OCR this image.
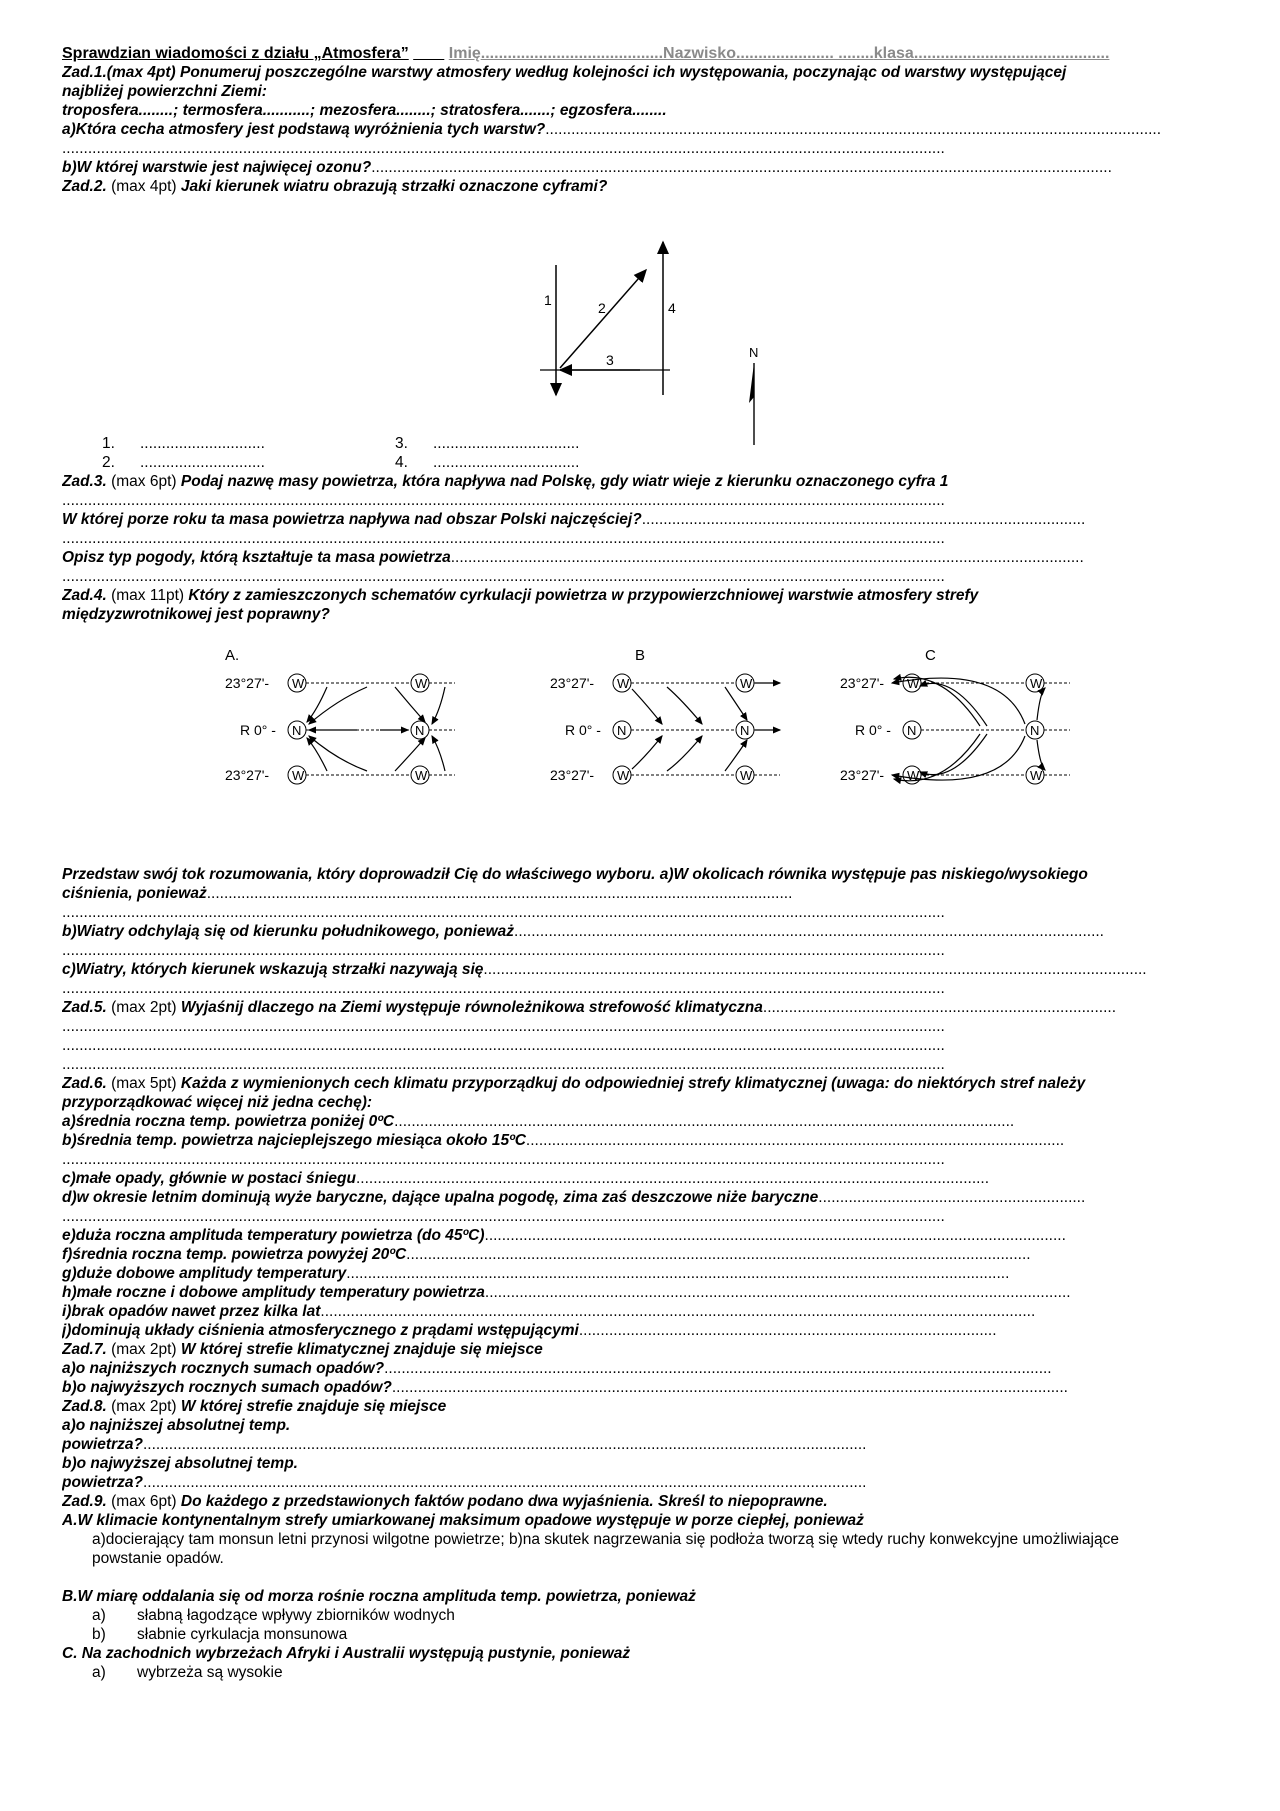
Sprawdzian wiadomości z działu „Atmosfera”	Imię.........................................Nazwisko...................... ........klasa............................................
Zad.1.(max 4pt) Ponumeruj poszczególne warstwy atmosfery według kolejności ich występowania, poczynając od warstwy występującej
najbliżej powierzchni Ziemi:
troposfera........; termosfera...........; mezosfera........; stratosfera.......; egzosfera........
a)Która cecha atmosfery jest podstawą wyróżnienia tych warstw?...............................................................................................................................................
.............................................................................................................................................................................................................
b)W której warstwie jest najwięcej ozonu?............................................................................................................................................................................
Zad.2. (max 4pt) Jaki kierunek wiatru obrazują strzałki oznaczone cyframi?
1. .............................	3. ..................................
2. .............................	4. ..................................
Zad.3. (max 6pt) Podaj nazwę masy powietrza, która napływa nad Polskę, gdy wiatr wieje z kierunku oznaczonego cyfra 1
.............................................................................................................................................................................................................
W której porze roku ta masa powietrza napływa nad obszar Polski najczęściej?.......................................................................................................
.............................................................................................................................................................................................................
Opisz typ pogody, którą kształtuje ta masa powietrza...................................................................................................................................................
.............................................................................................................................................................................................................
Zad.4. (max 11pt) Który z zamieszczonych schematów cyrkulacji powietrza w przypowierzchniowej warstwie atmosfery strefy
międzyzwrotnikowej jest poprawny?
Przedstaw swój tok rozumowania, który doprowadził Cię do właściwego wyboru. a)W okolicach równika występuje pas niskiego/wysokiego
ciśnienia, ponieważ........................................................................................................................................
.............................................................................................................................................................................................................
b)Wiatry odchylają się od kierunku południkowego, ponieważ.........................................................................................................................................
.............................................................................................................................................................................................................
c)Wiatry, których kierunek wskazują strzałki nazywają się..........................................................................................................................................................
.............................................................................................................................................................................................................
Zad.5. (max 2pt) Wyjaśnij dlaczego na Ziemi występuje równoleżnikowa strefowość klimatyczna..................................................................................
.............................................................................................................................................................................................................
.............................................................................................................................................................................................................
.............................................................................................................................................................................................................
Zad.6. (max 5pt) Każda z wymienionych cech klimatu przyporządkuj do odpowiedniej strefy klimatycznej (uwaga: do niektórych stref należy
przyporządkować więcej niż jedna cechę):
a)średnia roczna temp. powietrza poniżej 0ºC................................................................................................................................................
b)średnia temp. powietrza najcieplejszego miesiąca około 15ºC.............................................................................................................................
.............................................................................................................................................................................................................
c)małe opady, głównie w postaci śniegu...................................................................................................................................................
d)w okresie letnim dominują wyże baryczne, dające upalna pogodę, zima zaś deszczowe niże baryczne..............................................................
.............................................................................................................................................................................................................
e)duża roczna amplituda temperatury powietrza (do 45ºC).......................................................................................................................................
f)średnia roczna temp. powietrza powyżej 20ºC.................................................................................................................................................
g)duże dobowe amplitudy temperatury..........................................................................................................................................................
h)małe roczne i dobowe amplitudy temperatury powietrza........................................................................................................................................
i)brak opadów nawet przez kilka lat......................................................................................................................................................................
j)dominują układy ciśnienia atmosferycznego z prądami wstępującymi.................................................................................................
Zad.7. (max 2pt) W której strefie klimatycznej znajduje się miejsce
a)o najniższych rocznych sumach opadów?...........................................................................................................................................................
b)o najwyższych rocznych sumach opadów?.............................................................................................................................................................
Zad.8. (max 2pt) W której strefie znajduje się miejsce
a)o najniższej absolutnej temp.
powietrza?........................................................................................................................................................................
b)o najwyższej absolutnej temp.
powietrza?........................................................................................................................................................................
Zad.9. (max 6pt) Do każdego z przedstawionych faktów podano dwa wyjaśnienia. Skreśl to niepoprawne.
A.W klimacie kontynentalnym strefy umiarkowanej maksimum opadowe występuje w porze ciepłej, ponieważ
a)docierający tam monsun letni przynosi wilgotne powietrze; b)na skutek nagrzewania się podłoża tworzą się wtedy ruchy konwekcyjne umożliwiające powstanie opadów.
B.W miarę oddalania się od morza rośnie roczna amplituda temp. powietrza, ponieważ
a) słabną łagodzące wpływy zbiorników wodnych
b) słabnie cyrkulacja monsunowa
C. Na zachodnich wybrzeżach Afryki i Australii występują pustynie, ponieważ
a) wybrzeża są wysokie
1	2
3
4
N
A.
23°27'-
R 0° -
23°27'-
W	W
N	N
W	W
B
23°27'-
R 0° -
23°27'-
W	W
N	N
W	W
C
23°27'-
R 0° -
23°27'-
W	W
N	N
W	W
